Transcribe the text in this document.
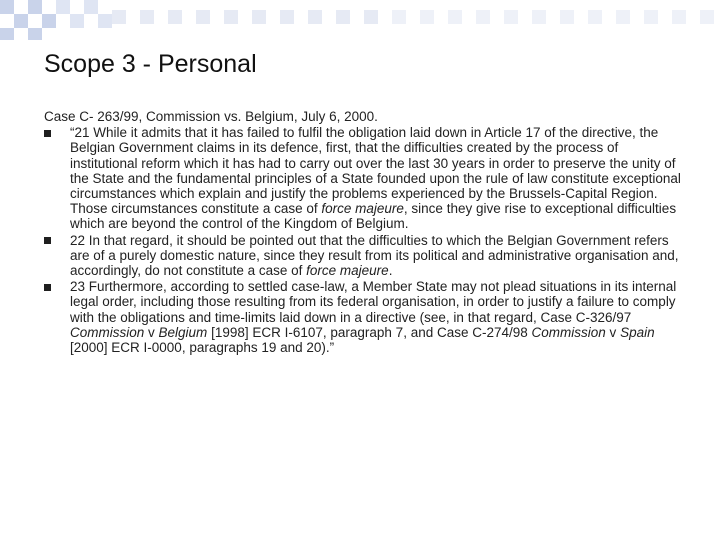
Scope 3 - Personal

Case C- 263/99, Commission vs. Belgium, July 6, 2000.

“21 While it admits that it has failed to fulfil the obligation laid down in Article 17 of the directive, the Belgian Government claims in its defence, first, that the difficulties created by the process of institutional reform which it has had to carry out over the last 30 years in order to preserve the unity of the State and the fundamental principles of a State founded upon the rule of law constitute exceptional circumstances which explain and justify the problems experienced by the Brussels-Capital Region. Those circumstances constitute a case of force majeure, since they give rise to exceptional difficulties which are beyond the control of the Kingdom of Belgium.

22 In that regard, it should be pointed out that the difficulties to which the Belgian Government refers are of a purely domestic nature, since they result from its political and administrative organisation and, accordingly, do not constitute a case of force majeure.

23 Furthermore, according to settled case-law, a Member State may not plead situations in its internal legal order, including those resulting from its federal organisation, in order to justify a failure to comply with the obligations and time-limits laid down in a directive (see, in that regard, Case C-326/97 Commission v Belgium [1998] ECR I-6107, paragraph 7, and Case C-274/98 Commission v Spain [2000] ECR I-0000, paragraphs 19 and 20).”
